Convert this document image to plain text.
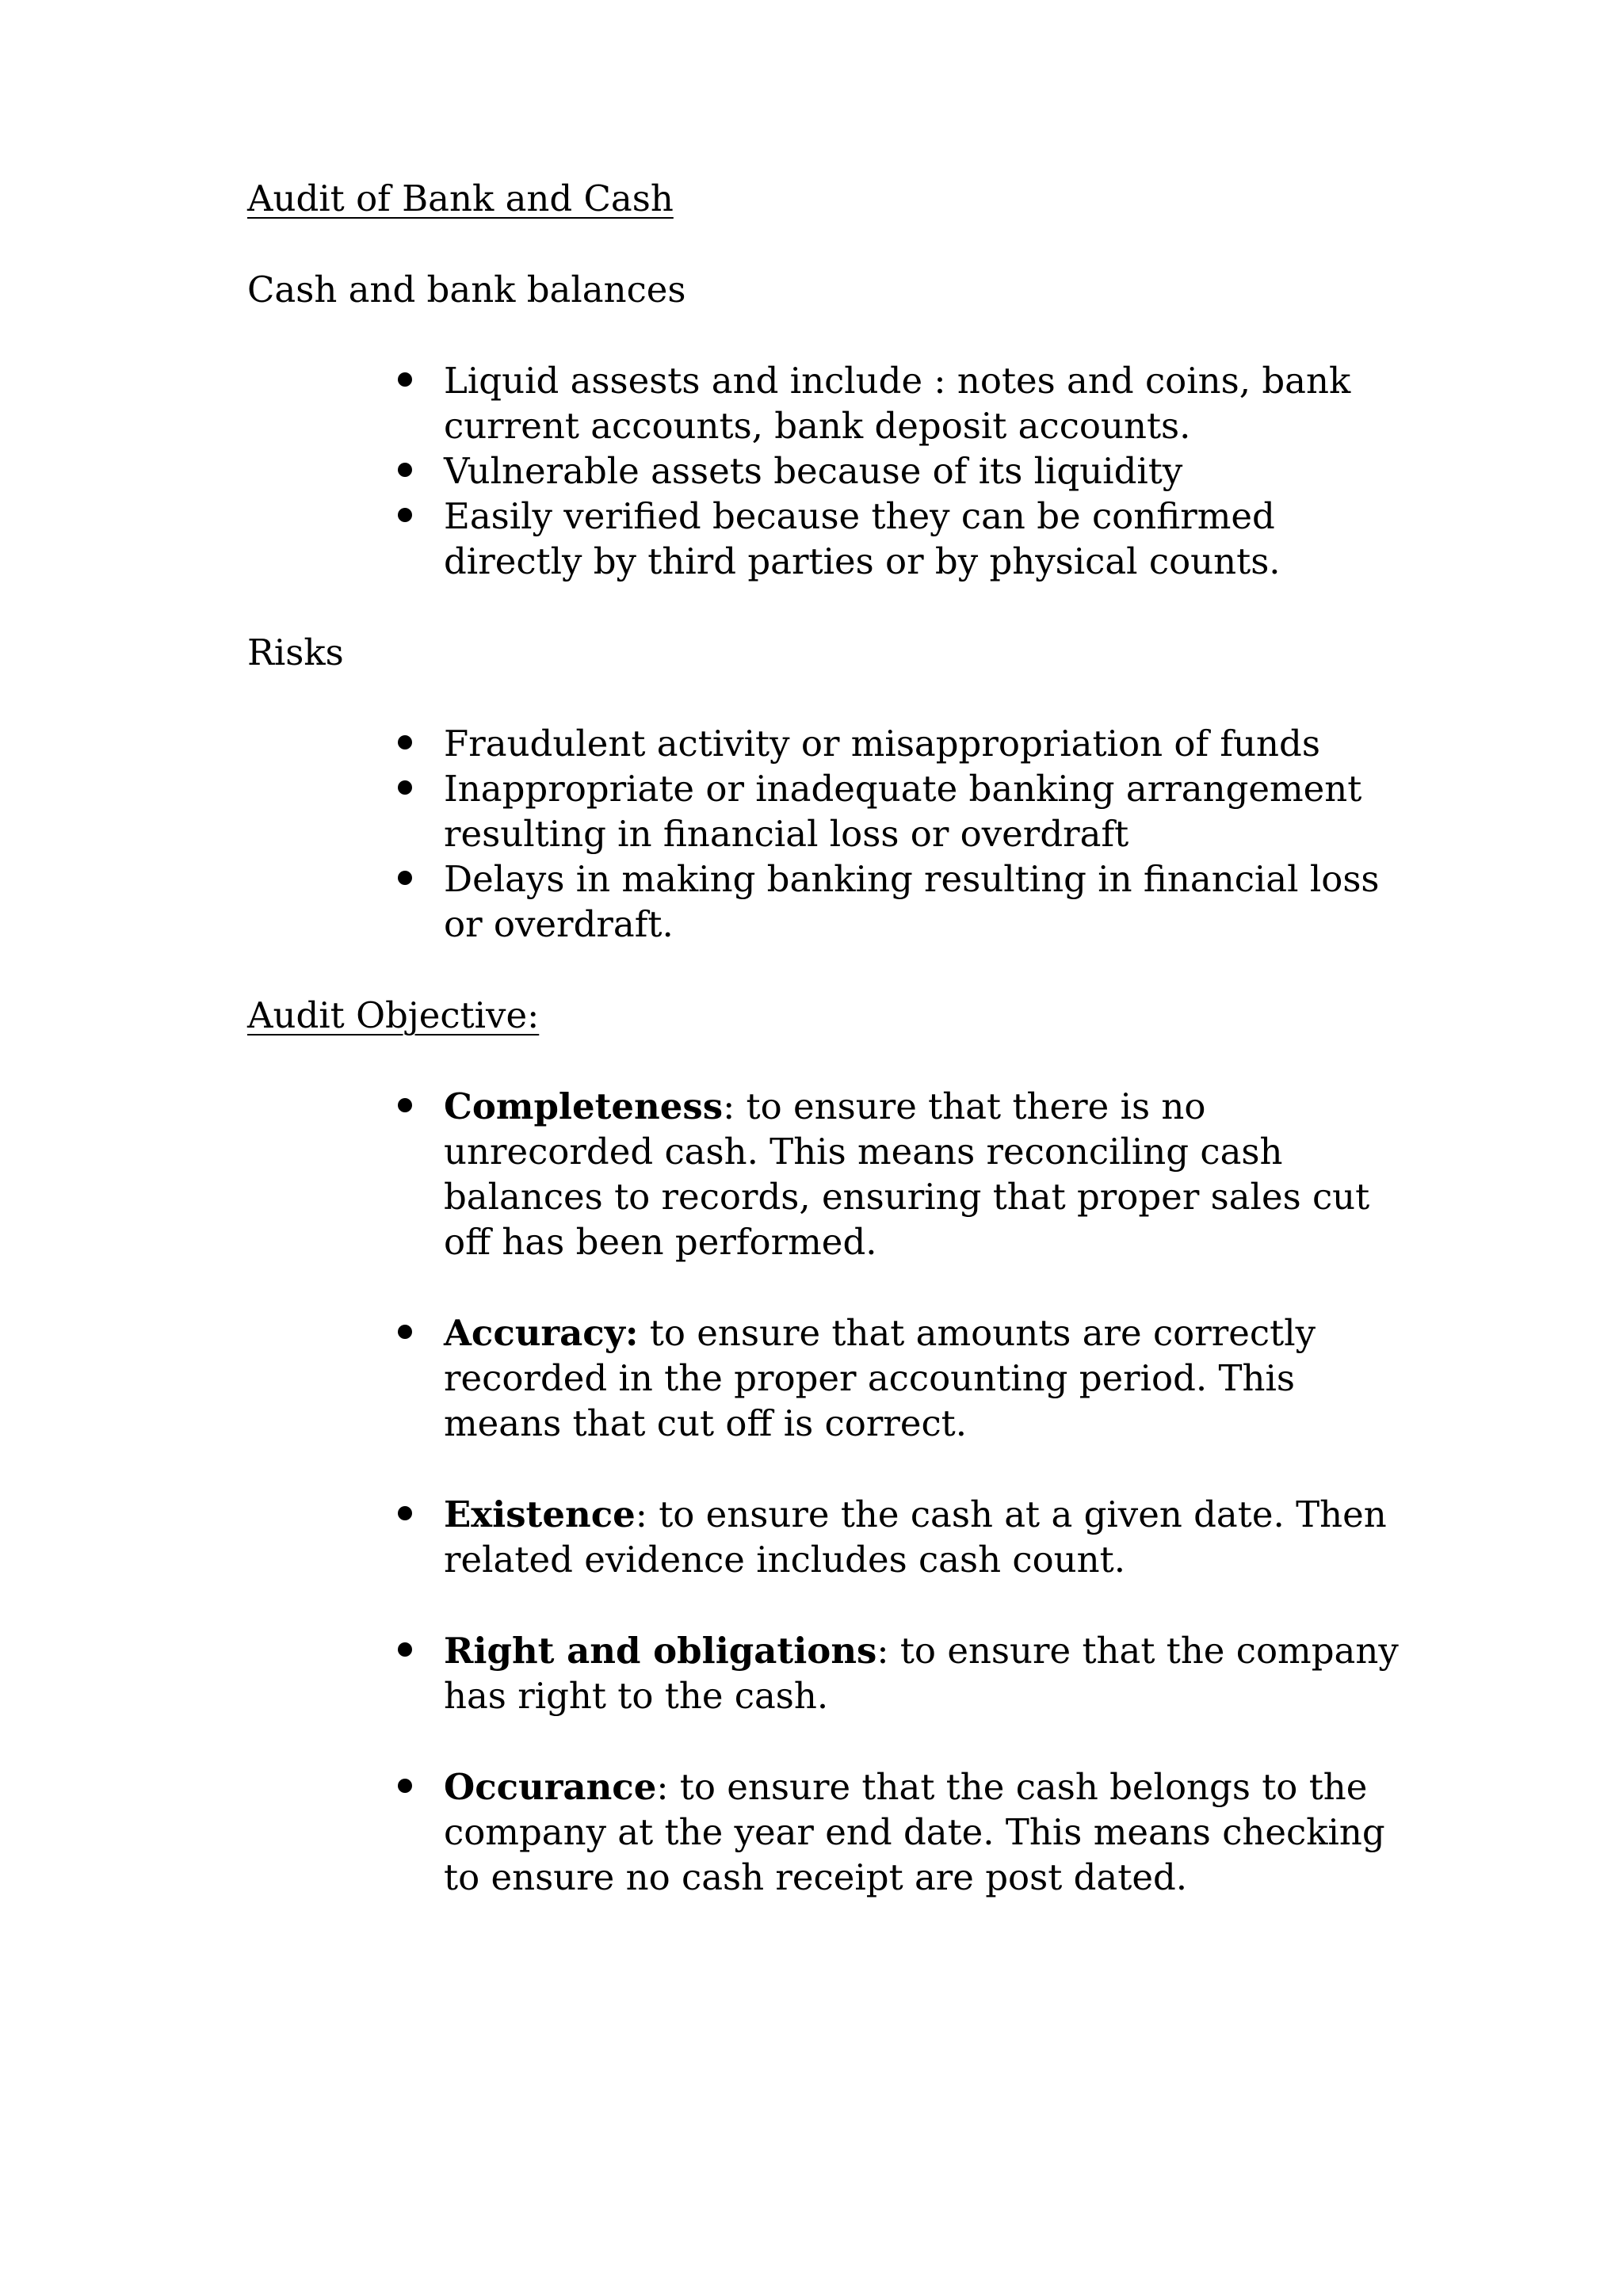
Audit of Bank and Cash

Cash and bank balances

Liquid assests and include : notes and coins, bank current accounts, bank deposit accounts.
Vulnerable assets because of its liquidity
Easily verified because they can be confirmed directly by third parties or by physical counts.

Risks

Fraudulent activity or misappropriation of funds
Inappropriate or inadequate banking arrangement resulting in financial loss or overdraft
Delays in making banking resulting in financial loss or overdraft.

Audit Objective:

Completeness: to ensure that there is no unrecorded cash. This means reconciling cash balances to records, ensuring that proper sales cut off has been performed.
Accuracy: to ensure that amounts are correctly recorded in the proper accounting period. This means that cut off is correct.
Existence: to ensure the cash at a given date. Then related evidence includes cash count.
Right and obligations: to ensure that the company has right to the cash.
Occurance: to ensure that the cash belongs to the company at the year end date. This means checking to ensure no cash receipt are post dated.
